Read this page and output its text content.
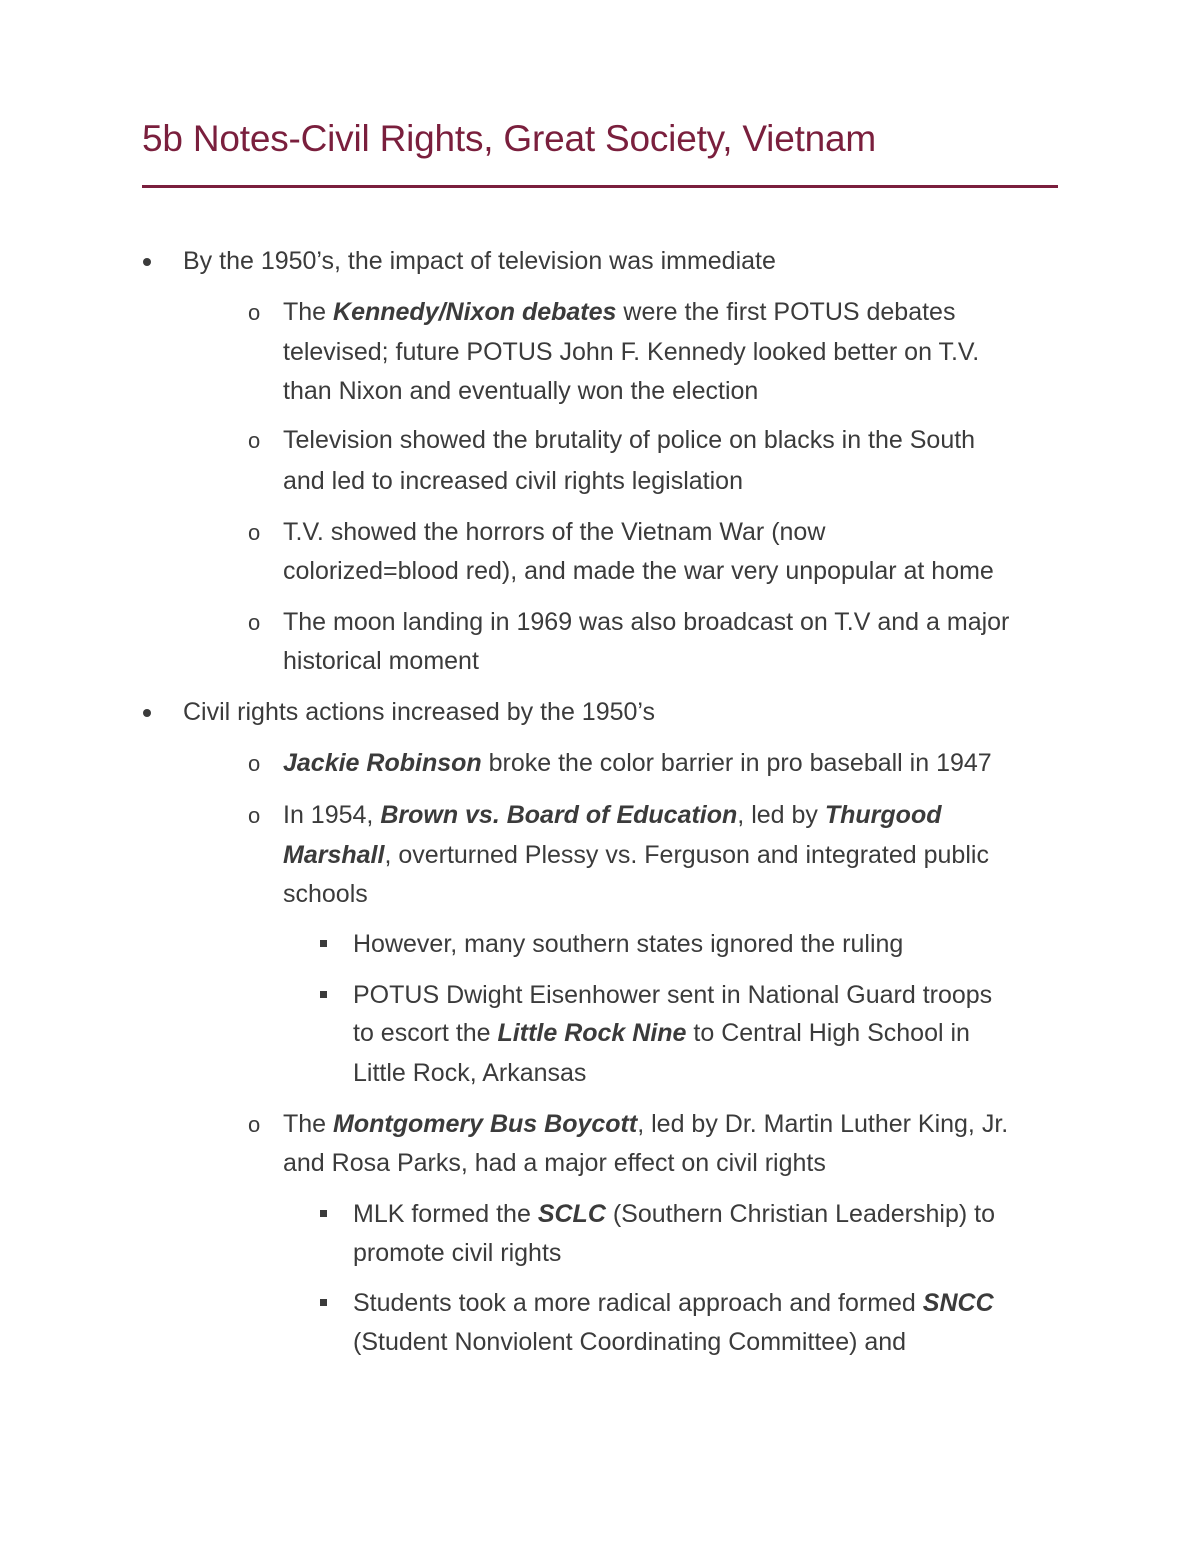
5b Notes-Civil Rights, Great Society, Vietnam
By the 1950’s, the impact of television was immediate
o The Kennedy/Nixon debates were the first POTUS debates
televised; future POTUS John F. Kennedy looked better on T.V.
than Nixon and eventually won the election
o Television showed the brutality of police on blacks in the South
and led to increased civil rights legislation
o T.V. showed the horrors of the Vietnam War (now
colorized=blood red), and made the war very unpopular at home
o The moon landing in 1969 was also broadcast on T.V and a major
historical moment
Civil rights actions increased by the 1950’s
o Jackie Robinson broke the color barrier in pro baseball in 1947
o In 1954, Brown vs. Board of Education, led by Thurgood
Marshall, overturned Plessy vs. Ferguson and integrated public
schools
However, many southern states ignored the ruling
POTUS Dwight Eisenhower sent in National Guard troops
to escort the Little Rock Nine to Central High School in
Little Rock, Arkansas
o The Montgomery Bus Boycott, led by Dr. Martin Luther King, Jr.
and Rosa Parks, had a major effect on civil rights
MLK formed the SCLC (Southern Christian Leadership) to
promote civil rights
Students took a more radical approach and formed SNCC
(Student Nonviolent Coordinating Committee) and
